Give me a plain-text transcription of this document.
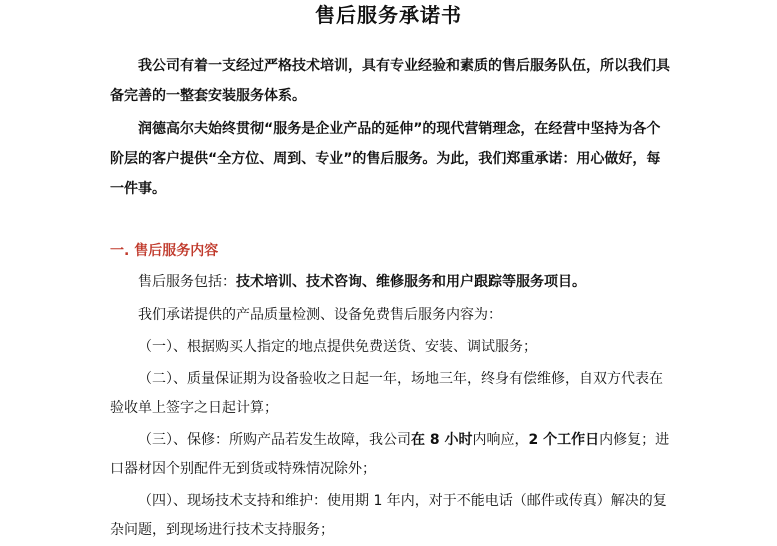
售后服务承诺书

我公司有着一支经过严格技术培训，具有专业经验和素质的售后服务队伍，所以我们具备完善的一整套安装服务体系。

润德高尔夫始终贯彻“服务是企业产品的延伸”的现代营销理念，在经营中坚持为各个阶层的客户提供“全方位、周到、专业”的售后服务。为此，我们郑重承诺：用心做好，每一件事。

一. 售后服务内容

售后服务包括：技术培训、技术咨询、维修服务和用户跟踪等服务项目。

我们承诺提供的产品质量检测、设备免费售后服务内容为：

（一）、根据购买人指定的地点提供免费送货、安装、调试服务；

（二）、质量保证期为设备验收之日起一年，场地三年，终身有偿维修，自双方代表在验收单上签字之日起计算；

（三）、保修：所购产品若发生故障，我公司在 8 小时内响应，2 个工作日内修复；进口器材因个别配件无到货或特殊情况除外；

（四）、现场技术支持和维护：使用期 1 年内，对于不能电话（邮件或传真）解决的复杂问题，到现场进行技术支持服务；
